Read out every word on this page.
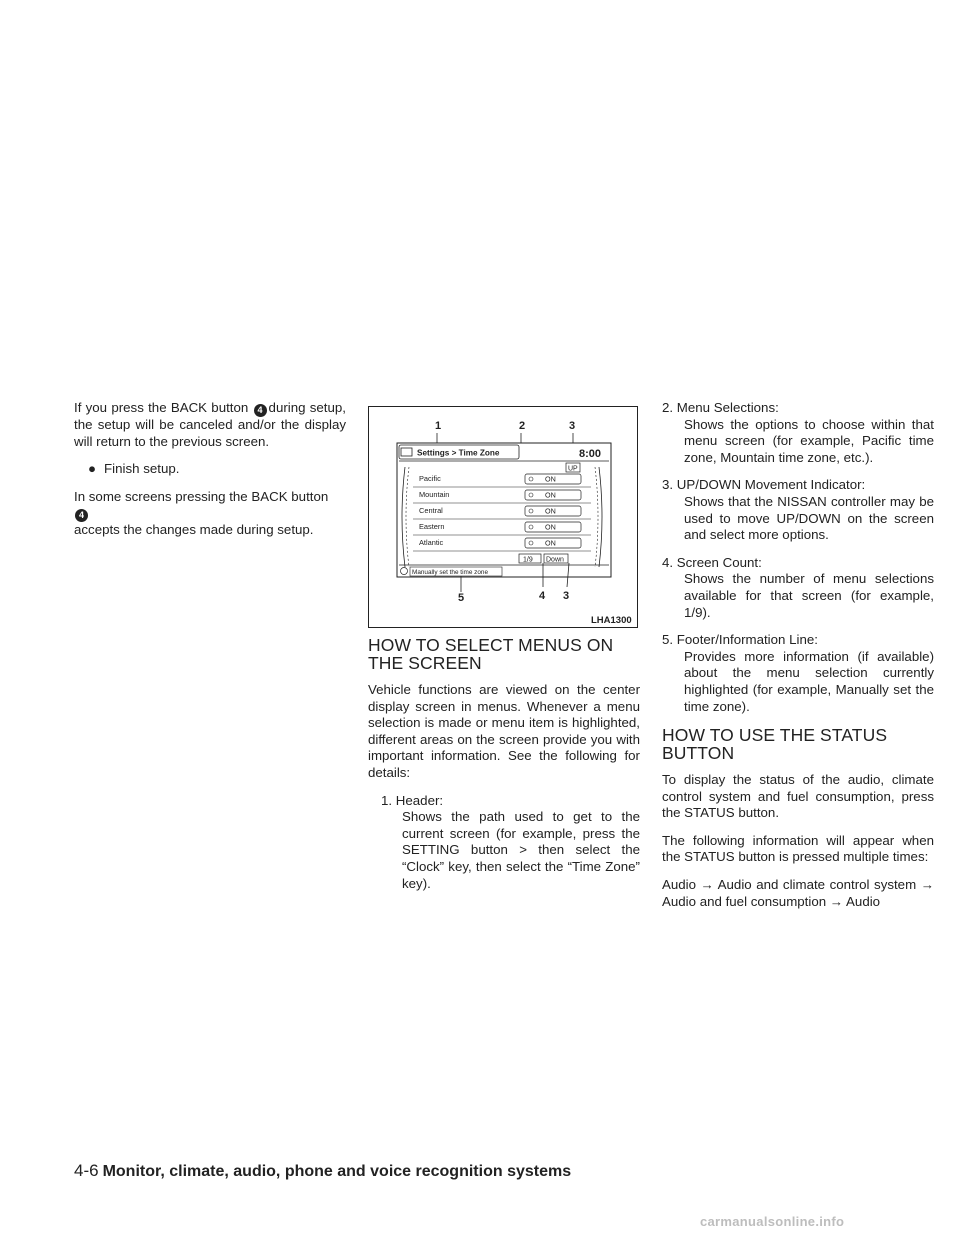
If you press the BACK button 4 during setup, the setup will be canceled and/or the display will return to the previous screen.

● Finish setup.

In some screens pressing the BACK button 4
accepts the changes made during setup.

1	2	3
Settings > Time Zone	8:00
UP
Pacific	ON
Mountain	ON
Central	ON
Eastern	ON
Atlantic	ON
1/9 Down
Manually set the time zone
5	4 3
LHA1300
HOW TO SELECT MENUS ON THE SCREEN

Vehicle functions are viewed on the center display screen in menus. Whenever a menu selection is made or menu item is highlighted, different areas on the screen provide you with important information. See the following for details:

1. Header:
Shows the path used to get to the current screen (for example, press the SETTING button > then select the “Clock” key, then select the “Time Zone” key).
2. Menu Selections:
Shows the options to choose within that menu screen (for example, Pacific time zone, Mountain time zone, etc.).
3. UP/DOWN Movement Indicator:
Shows that the NISSAN controller may be used to move UP/DOWN on the screen and select more options.
4. Screen Count:
Shows the number of menu selections available for that screen (for example, 1/9).
5. Footer/Information Line:
Provides more information (if available) about the menu selection currently highlighted (for example, Manually set the time zone).
HOW TO USE THE STATUS BUTTON

To display the status of the audio, climate control system and fuel consumption, press the STATUS button.

The following information will appear when the STATUS button is pressed multiple times:

Audio → Audio and climate control system → Audio and fuel consumption → Audio

4-6 Monitor, climate, audio, phone and voice recognition systems
carmanualsonline.info
